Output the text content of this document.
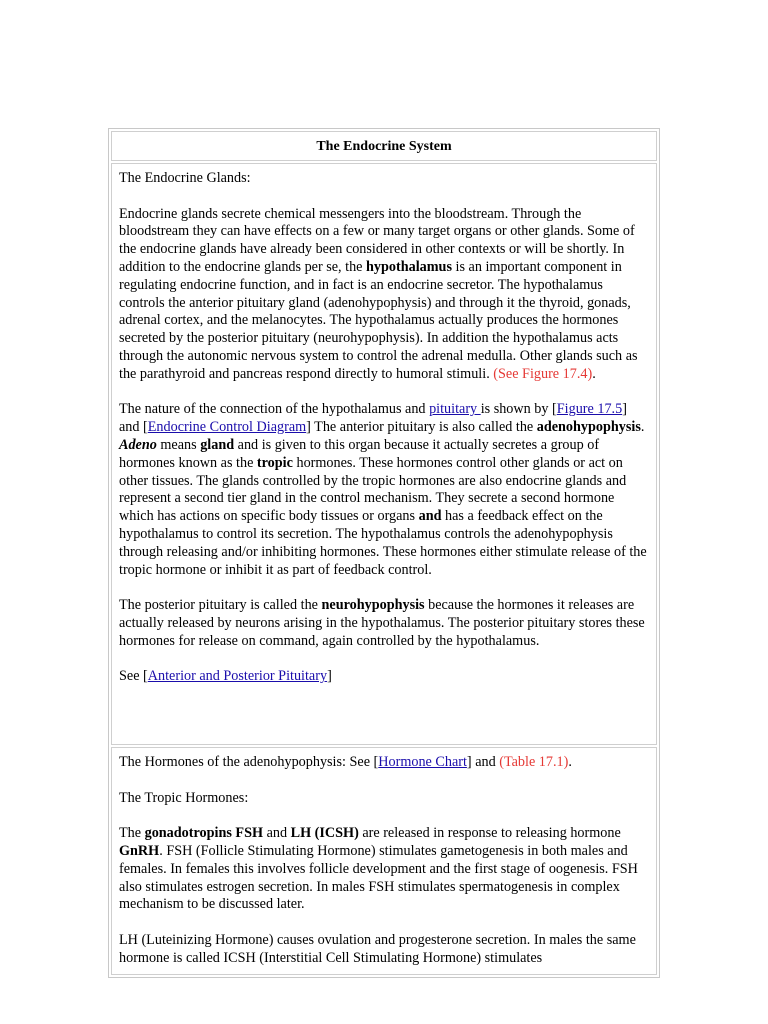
The Endocrine System

The Endocrine Glands:

Endocrine glands secrete chemical messengers into the bloodstream. Through the bloodstream they can have effects on a few or many target organs or other glands. Some of the endocrine glands have already been considered in other contexts or will be shortly. In addition to the endocrine glands per se, the hypothalamus is an important component in regulating endocrine function, and in fact is an endocrine secretor. The hypothalamus controls the anterior pituitary gland (adenohypophysis) and through it the thyroid, gonads, adrenal cortex, and the melanocytes. The hypothalamus actually produces the hormones secreted by the posterior pituitary (neurohypophysis). In addition the hypothalamus acts through the autonomic nervous system to control the adrenal medulla. Other glands such as the parathyroid and pancreas respond directly to humoral stimuli. (See Figure 17.4).

The nature of the connection of the hypothalamus and pituitary is shown by [Figure 17.5] and [Endocrine Control Diagram] The anterior pituitary is also called the adenohypophysis. Adeno means gland and is given to this organ because it actually secretes a group of hormones known as the tropic hormones. These hormones control other glands or act on other tissues. The glands controlled by the tropic hormones are also endocrine glands and represent a second tier gland in the control mechanism. They secrete a second hormone which has actions on specific body tissues or organs and has a feedback effect on the hypothalamus to control its secretion. The hypothalamus controls the adenohypophysis through releasing and/or inhibiting hormones. These hormones either stimulate release of the tropic hormone or inhibit it as part of feedback control.

The posterior pituitary is called the neurohypophysis because the hormones it releases are actually released by neurons arising in the hypothalamus. The posterior pituitary stores these hormones for release on command, again controlled by the hypothalamus.

See [Anterior and Posterior Pituitary]

The Hormones of the adenohypophysis: See [Hormone Chart] and (Table 17.1).

The Tropic Hormones:

The gonadotropins FSH and LH (ICSH) are released in response to releasing hormone GnRH. FSH (Follicle Stimulating Hormone) stimulates gametogenesis in both males and females. In females this involves follicle development and the first stage of oogenesis. FSH also stimulates estrogen secretion. In males FSH stimulates spermatogenesis in complex mechanism to be discussed later.

LH (Luteinizing Hormone) causes ovulation and progesterone secretion. In males the same hormone is called ICSH (Interstitial Cell Stimulating Hormone) stimulates
